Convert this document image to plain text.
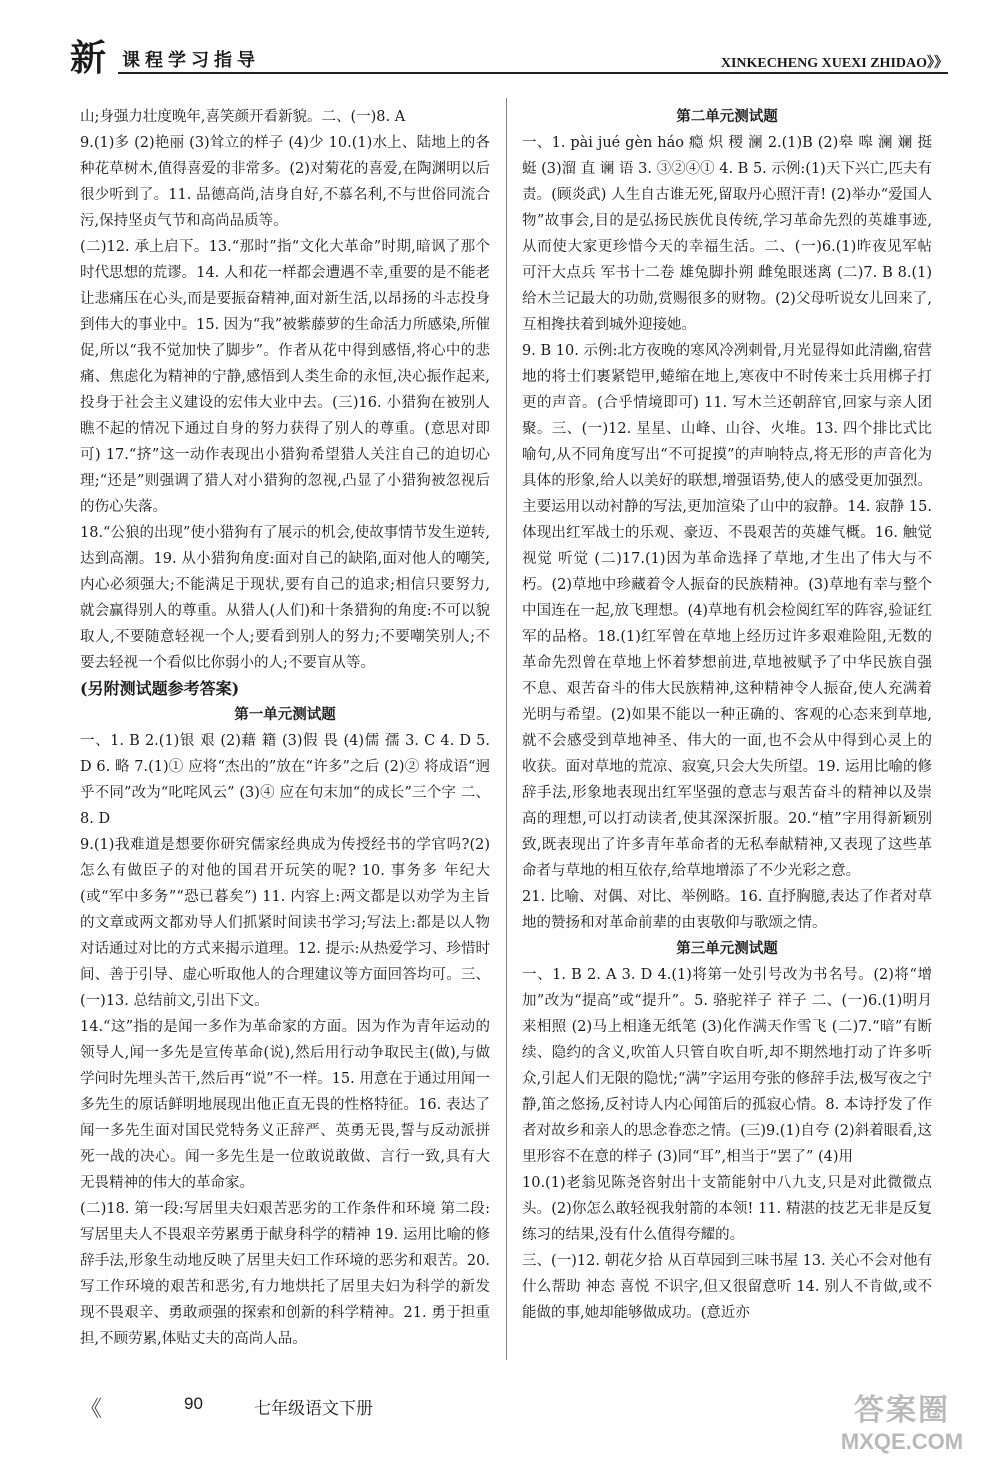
新 课程学习指导	XINKECHENG XUEXI ZHIDAO》》

山;身强力壮度晚年,喜笑颜开看新貌。二、(一)8. A

9.(1)多 (2)艳丽 (3)耸立的样子 (4)少 10.(1)水上、陆地上的各种花草树木,值得喜爱的非常多。(2)对菊花的喜爱,在陶渊明以后很少听到了。11. 品德高尚,洁身自好,不慕名利,不与世俗同流合污,保持坚贞气节和高尚品质等。

(二)12. 承上启下。13.“那时”指“文化大革命”时期,暗讽了那个时代思想的荒谬。14. 人和花一样都会遭遇不幸,重要的是不能老让悲痛压在心头,而是要振奋精神,面对新生活,以昂扬的斗志投身到伟大的事业中。15. 因为“我”被紫藤萝的生命活力所感染,所催促,所以“我不觉加快了脚步”。作者从花中得到感悟,将心中的悲痛、焦虑化为精神的宁静,感悟到人类生命的永恒,决心振作起来,投身于社会主义建设的宏伟大业中去。(三)16. 小猎狗在被别人瞧不起的情况下通过自身的努力获得了别人的尊重。(意思对即可) 17.“挤”这一动作表现出小猎狗希望猎人关注自己的迫切心理;“还是”则强调了猎人对小猎狗的忽视,凸显了小猎狗被忽视后的伤心失落。

18.“公狼的出现”使小猎狗有了展示的机会,使故事情节发生逆转,达到高潮。19. 从小猎狗角度:面对自己的缺陷,面对他人的嘲笑,内心必须强大;不能满足于现状,要有自己的追求;相信只要努力,就会赢得别人的尊重。从猎人(人们)和十条猎狗的角度:不可以貌取人,不要随意轻视一个人;要看到别人的努力;不要嘲笑别人;不要去轻视一个看似比你弱小的人;不要盲从等。

(另附测试题参考答案)

第一单元测试题

一、1. B 2.(1)银 艰 (2)藉 籍 (3)假 畏 (4)儒 孺 3. C 4. D 5. D 6. 略 7.(1)① 应将“杰出的”放在“许多”之后 (2)② 将成语“迥乎不同”改为“叱咤风云” (3)④ 应在句末加“的成长”三个字 二、8. D

9.(1)我难道是想要你研究儒家经典成为传授经书的学官吗?(2)怎么有做臣子的对他的国君开玩笑的呢? 10. 事务多 年纪大(或“军中多务”“恐已暮矣”) 11. 内容上:两文都是以劝学为主旨的文章或两文都劝导人们抓紧时间读书学习;写法上:都是以人物对话通过对比的方式来揭示道理。12. 提示:从热爱学习、珍惜时间、善于引导、虚心听取他人的合理建议等方面回答均可。三、(一)13. 总结前文,引出下文。

14.“这”指的是闻一多作为革命家的方面。因为作为青年运动的领导人,闻一多先是宣传革命(说),然后用行动争取民主(做),与做学问时先埋头苦干,然后再“说”不一样。15. 用意在于通过用闻一多先生的原话鲜明地展现出他正直无畏的性格特征。16. 表达了闻一多先生面对国民党特务义正辞严、英勇无畏,誓与反动派拼死一战的决心。闻一多先生是一位敢说敢做、言行一致,具有大无畏精神的伟大的革命家。

(二)18. 第一段:写居里夫妇艰苦恶劣的工作条件和环境 第二段:写居里夫人不畏艰辛劳累勇于献身科学的精神 19. 运用比喻的修辞手法,形象生动地反映了居里夫妇工作环境的恶劣和艰苦。20. 写工作环境的艰苦和恶劣,有力地烘托了居里夫妇为科学的新发现不畏艰辛、勇敢顽强的探索和创新的科学精神。21. 勇于担重担,不顾劳累,体贴丈夫的高尚人品。

第二单元测试题

一、1. pài jué gèn háo 瘾 炽 稷 澜 2.(1)B (2)皋 嗥 澜 斓 挺 蜓 (3)溜 直 谰 语 3. ③②④① 4. B 5. 示例:(1)天下兴亡,匹夫有责。(顾炎武) 人生自古谁无死,留取丹心照汗青! (2)举办“爱国人物”故事会,目的是弘扬民族优良传统,学习革命先烈的英雄事迹,从而使大家更珍惜今天的幸福生活。二、(一)6.(1)昨夜见军帖 可汗大点兵 军书十二卷 雄兔脚扑朔 雌兔眼迷离 (二)7. B 8.(1)给木兰记最大的功勋,赏赐很多的财物。(2)父母听说女儿回来了,互相搀扶着到城外迎接她。

9. B 10. 示例:北方夜晚的寒风冷冽刺骨,月光显得如此清幽,宿营地的将士们裹紧铠甲,蜷缩在地上,寒夜中不时传来士兵用梆子打更的声音。(合乎情境即可) 11. 写木兰还朝辞官,回家与亲人团聚。三、(一)12. 星星、山峰、山谷、火堆。13. 四个排比式比喻句,从不同角度写出“不可捉摸”的声响特点,将无形的声音化为具体的形象,给人以美好的联想,增强语势,使人的感受更加强烈。主要运用以动衬静的写法,更加渲染了山中的寂静。14. 寂静 15. 体现出红军战士的乐观、豪迈、不畏艰苦的英雄气概。16. 触觉 视觉 听觉 (二)17.(1)因为革命选择了草地,才生出了伟大与不朽。(2)草地中珍藏着令人振奋的民族精神。(3)草地有幸与整个中国连在一起,放飞理想。(4)草地有机会检阅红军的阵容,验证红军的品格。18.(1)红军曾在草地上经历过许多艰难险阻,无数的革命先烈曾在草地上怀着梦想前进,草地被赋予了中华民族自强不息、艰苦奋斗的伟大民族精神,这种精神令人振奋,使人充满着光明与希望。(2)如果不能以一种正确的、客观的心态来到草地,就不会感受到草地神圣、伟大的一面,也不会从中得到心灵上的收获。面对草地的荒凉、寂寞,只会大失所望。19. 运用比喻的修辞手法,形象地表现出红军坚强的意志与艰苦奋斗的精神以及崇高的理想,可以打动读者,使其深深折服。20.“植”字用得新颖别致,既表现出了许多青年革命者的无私奉献精神,又表现了这些革命者与草地的相互依存,给草地增添了不少光彩之意。

21. 比喻、对偶、对比、举例略。16. 直抒胸臆,表达了作者对草地的赞扬和对革命前辈的由衷敬仰与歌颂之情。

第三单元测试题

一、1. B 2. A 3. D 4.(1)将第一处引号改为书名号。(2)将“增加”改为“提高”或“提升”。5. 骆驼祥子 祥子 二、(一)6.(1)明月来相照 (2)马上相逢无纸笔 (3)化作满天作雪飞 (二)7.“暗”有断续、隐约的含义,吹笛人只管自吹自听,却不期然地打动了许多听众,引起人们无限的隐忧;“满”字运用夸张的修辞手法,极写夜之宁静,笛之悠扬,反衬诗人内心闻笛后的孤寂心情。8. 本诗抒发了作者对故乡和亲人的思念眷恋之情。(三)9.(1)自夸 (2)斜着眼看,这里形容不在意的样子 (3)同“耳”,相当于“罢了” (4)用

10.(1)老翁见陈尧咨射出十支箭能射中八九支,只是对此微微点头。(2)你怎么敢轻视我射箭的本领! 11. 精湛的技艺无非是反复练习的结果,没有什么值得夸耀的。

三、(一)12. 朝花夕拾 从百草园到三味书屋 13. 关心不会对他有什么帮助 神态 喜悦 不识字,但又很留意听 14. 别人不肯做,或不能做的事,她却能够做成功。(意近亦

《	90	七年级语文下册	答案圈
MXQE.COM
